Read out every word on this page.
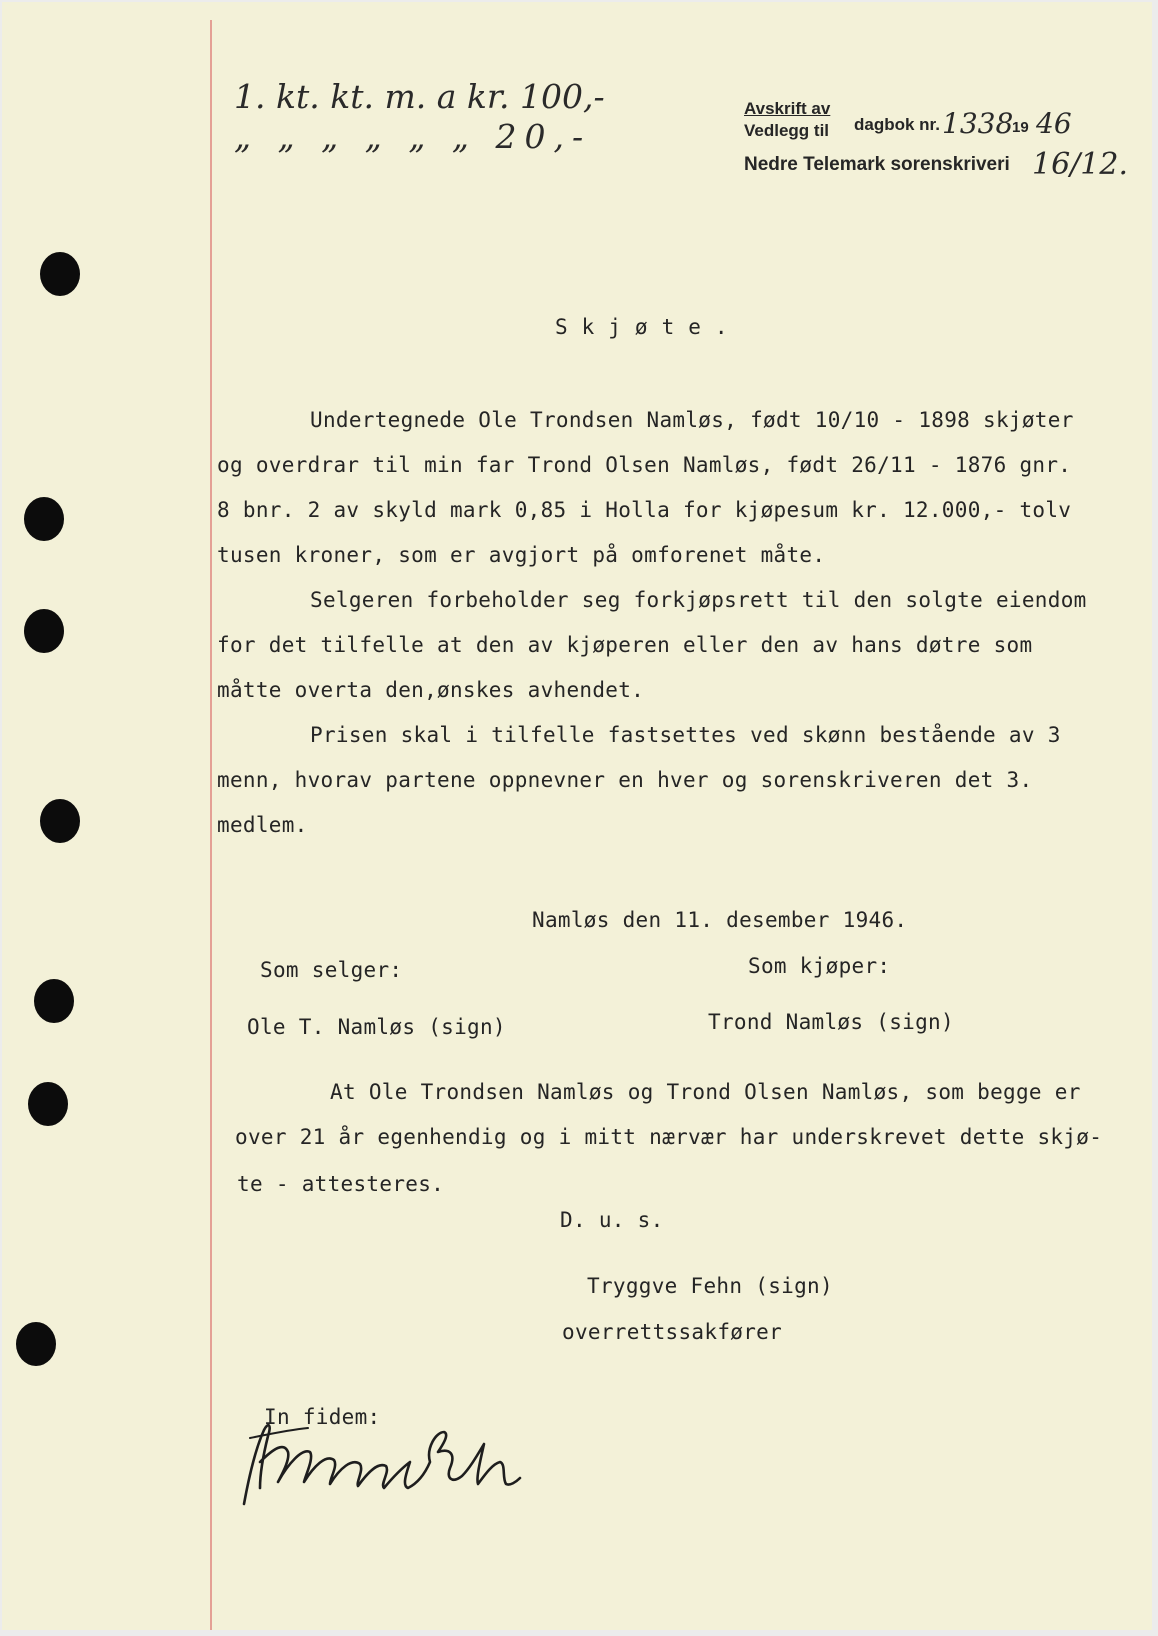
1. kt. kt. m. a kr. 100,-
„ „ „ „ „ „ 20,-
Avskrift av
Vedlegg til dagbok nr. 1338
19 46
Nedre Telemark sorenskriveri 16/12.
Skjøte.
Undertegnede Ole Trondsen Namløs, født 10/10 - 1898 skjøter
og overdrar til min far Trond Olsen Namløs, født 26/11 - 1876 gnr.
8 bnr. 2 av skyld mark 0,85 i Holla for kjøpesum kr. 12.000,- tolv
tusen kroner, som er avgjort på omforenet måte.
Selgeren forbeholder seg forkjøpsrett til den solgte eiendom
for det tilfelle at den av kjøperen eller den av hans døtre som
måtte overta den,ønskes avhendet.
Prisen skal i tilfelle fastsettes ved skønn bestående av 3
menn, hvorav partene oppnevner en hver og sorenskriveren det 3.
medlem.
Namløs den 11. desember 1946.
Som selger:	Som kjøper:
Ole T. Namløs (sign)	Trond Namløs (sign)
At Ole Trondsen Namløs og Trond Olsen Namløs, som begge er
over 21 år egenhendig og i mitt nærvær har underskrevet dette skjø-
te - attesteres.
D. u. s.
Tryggve Fehn (sign)
overrettssakfører
In fidem:
